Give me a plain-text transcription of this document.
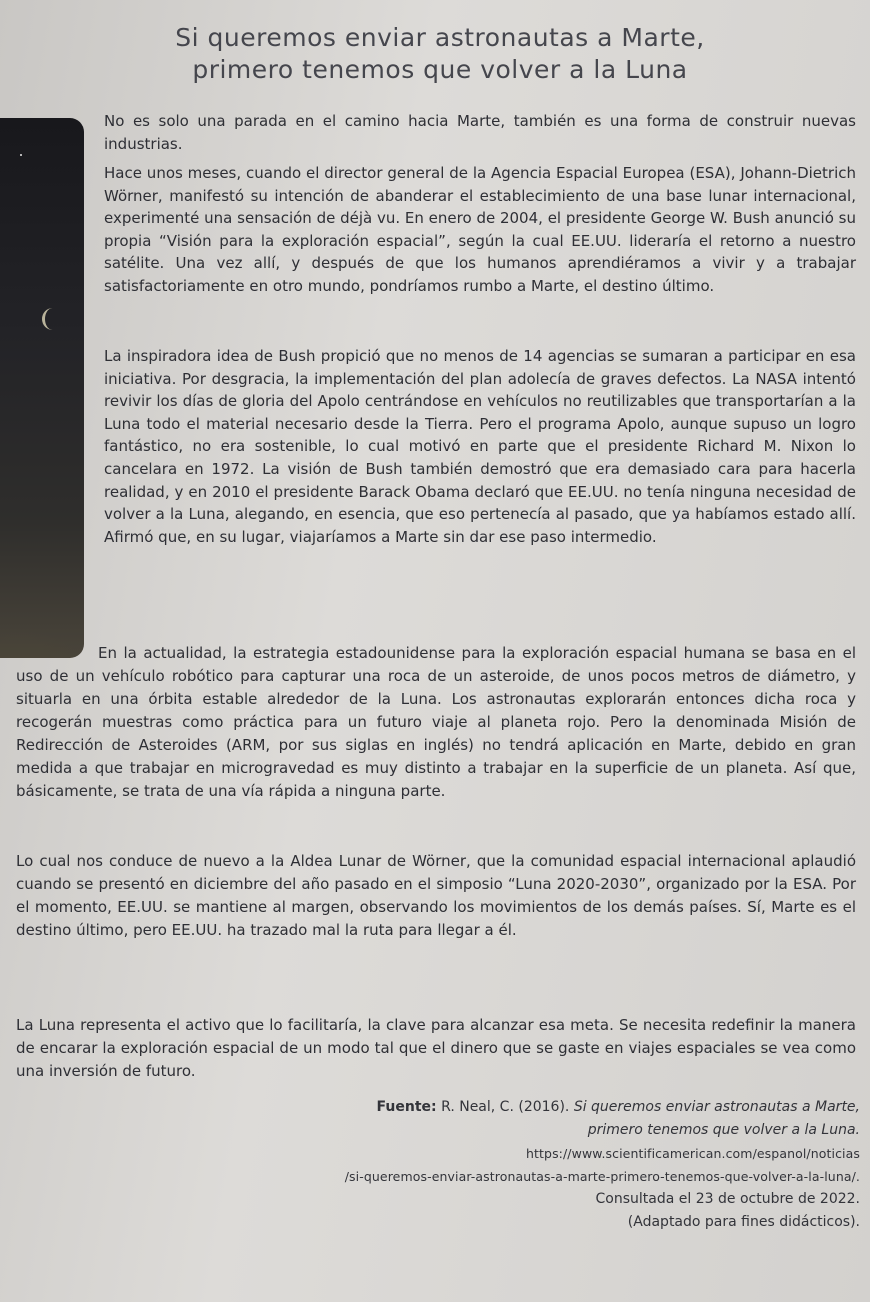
Si queremos enviar astronautas a Marte,
primero tenemos que volver a la Luna

No es solo una parada en el camino hacia Marte, también es una forma de construir nuevas industrias.

Hace unos meses, cuando el director general de la Agencia Espacial Europea (ESA), Johann-Dietrich Wörner, manifestó su intención de abanderar el establecimiento de una base lunar internacional, experimenté una sensación de déjà vu. En enero de 2004, el presidente George W. Bush anunció su propia “Visión para la exploración espacial”, según la cual EE.UU. lideraría el retorno a nuestro satélite. Una vez allí, y después de que los humanos aprendiéramos a vivir y a trabajar satisfactoriamente en otro mundo, pondríamos rumbo a Marte, el destino último.

La inspiradora idea de Bush propició que no menos de 14 agencias se sumaran a participar en esa iniciativa. Por desgracia, la implementación del plan adolecía de graves defectos. La NASA intentó revivir los días de gloria del Apolo centrándose en vehículos no reutilizables que transportarían a la Luna todo el material necesario desde la Tierra. Pero el programa Apolo, aunque supuso un logro fantástico, no era sostenible, lo cual motivó en parte que el presidente Richard M. Nixon lo cancelara en 1972. La visión de Bush también demostró que era demasiado cara para hacerla realidad, y en 2010 el presidente Barack Obama declaró que EE.UU. no tenía ninguna necesidad de volver a la Luna, alegando, en esencia, que eso pertenecía al pasado, que ya habíamos estado allí. Afirmó que, en su lugar, viajaríamos a Marte sin dar ese paso intermedio.

En la actualidad, la estrategia estadounidense para la exploración espacial humana se basa en el uso de un vehículo robótico para capturar una roca de un asteroide, de unos pocos metros de diámetro, y situarla en una órbita estable alrededor de la Luna. Los astronautas explorarán entonces dicha roca y recogerán muestras como práctica para un futuro viaje al planeta rojo. Pero la denominada Misión de Redirección de Asteroides (ARM, por sus siglas en inglés) no tendrá aplicación en Marte, debido en gran medida a que trabajar en microgravedad es muy distinto a trabajar en la superficie de un planeta. Así que, básicamente, se trata de una vía rápida a ninguna parte.

Lo cual nos conduce de nuevo a la Aldea Lunar de Wörner, que la comunidad espacial internacional aplaudió cuando se presentó en diciembre del año pasado en el simposio “Luna 2020-2030”, organizado por la ESA. Por el momento, EE.UU. se mantiene al margen, observando los movimientos de los demás países. Sí, Marte es el destino último, pero EE.UU. ha trazado mal la ruta para llegar a él.

La Luna representa el activo que lo facilitaría, la clave para alcanzar esa meta. Se necesita redefinir la manera de encarar la exploración espacial de un modo tal que el dinero que se gaste en viajes espaciales se vea como una inversión de futuro.

Fuente: R. Neal, C. (2016). Si queremos enviar astronautas a Marte,
primero tenemos que volver a la Luna.
https://www.scientificamerican.com/espanol/noticias
/si-queremos-enviar-astronautas-a-marte-primero-tenemos-que-volver-a-la-luna/.
Consultada el 23 de octubre de 2022.
(Adaptado para fines didácticos).
